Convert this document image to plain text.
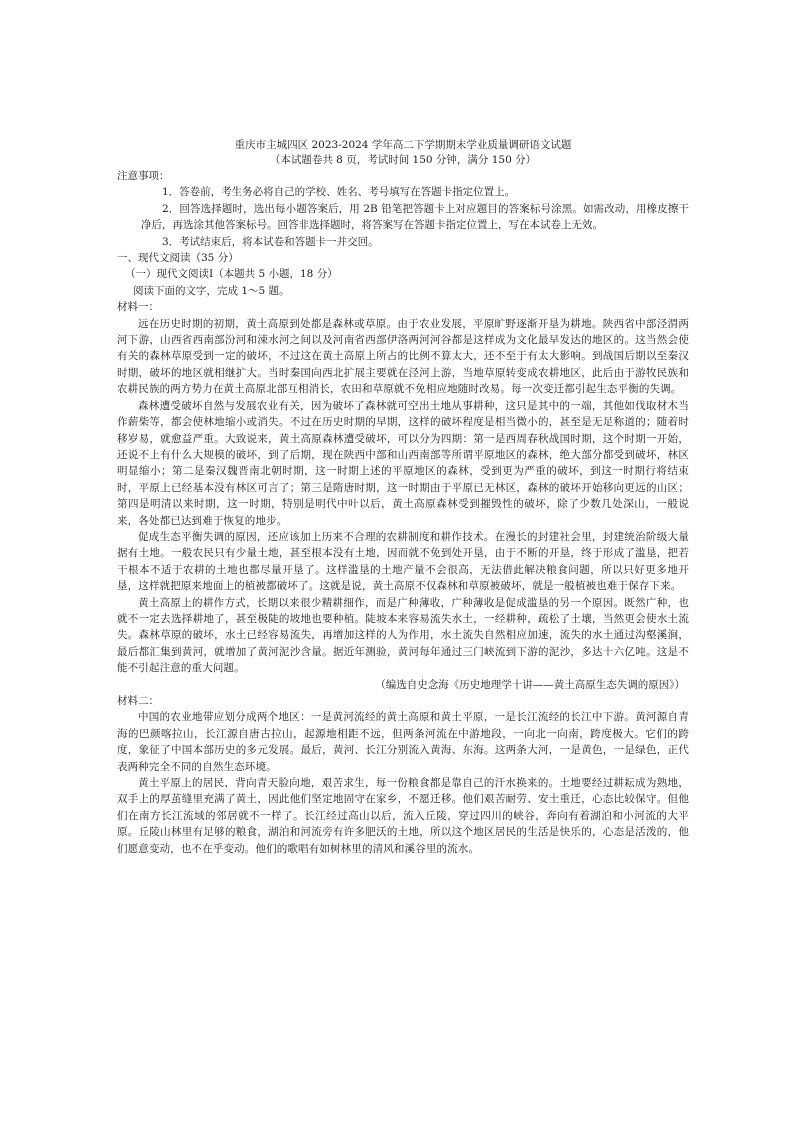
重庆市主城四区 2023-2024 学年高二下学期期末学业质量调研语文试题

（本试题卷共 8 页，考试时间 150 分钟，满分 150 分）

注意事项：

1．答卷前，考生务必将自己的学校、姓名、考号填写在答题卡指定位置上。

2．回答选择题时，选出每小题答案后，用 2B 铅笔把答题卡上对应题目的答案标号涂黑。如需改动，用橡皮擦干净后，再选涂其他答案标号。回答非选择题时，将答案写在答题卡指定位置上，写在本试卷上无效。

3．考试结束后，将本试卷和答题卡一并交回。

一、现代文阅读（35 分）

（一）现代文阅读Ⅰ（本题共 5 小题，18 分）

阅读下面的文字，完成 1～5 题。

材料一：

远在历史时期的初期，黄土高原到处都是森林或草原。由于农业发展，平原旷野逐渐开垦为耕地。陕西省中部泾渭两河下游，山西省西南部汾河和涑水河之间以及河南省西部伊洛两河河谷都是这样成为文化最早发达的地区的。这当然会使有关的森林草原受到一定的破坏，不过这在黄土高原上所占的比例不算太大，还不至于有太大影响。到战国后期以至秦汉时期，破坏的地区就相继扩大。当时秦国向西北扩展主要就在泾河上游，当地草原转变成农耕地区，此后由于游牧民族和农耕民族的两方势力在黄土高原北部互相消长，农田和草原就不免相应地随时改易。每一次变迁都引起生态平衡的失调。

森林遭受破坏自然与发展农业有关，因为破坏了森林就可空出土地从事耕种，这只是其中的一端，其他如伐取材木当作薪柴等，都会使林地缩小或消失。不过在历史时期的早期，这样的破坏程度是相当微小的，甚至是无足称道的；随着时移岁易，就愈益严重。大致说来，黄土高原森林遭受破坏，可以分为四期：第一是西周春秋战国时期，这个时期一开始，还说不上有什么大规模的破坏，到了后期，现在陕西中部和山西南部等所谓平原地区的森林，绝大部分都受到破坏，林区明显缩小；第二是秦汉魏晋南北朝时期，这一时期上述的平原地区的森林，受到更为严重的破坏，到这一时期行将结束时，平原上已经基本没有林区可言了；第三是隋唐时期，这一时期由于平原已无林区，森林的破坏开始移向更远的山区；第四是明清以来时期，这一时期，特别是明代中叶以后，黄土高原森林受到摧毁性的破坏，除了少数几处深山，一般说来，各处都已达到难于恢复的地步。

促成生态平衡失调的原因，还应该加上历来不合理的农耕制度和耕作技术。在漫长的封建社会里，封建统治阶级大量据有土地。一般农民只有少量土地，甚至根本没有土地，因而就不免到处开垦，由于不断的开垦，终于形成了滥垦，把若干根本不适于农耕的土地也都尽量开垦了。这样滥垦的土地产量不会很高，无法借此解决粮食问题，所以只好更多地开垦，这样就把原来地面上的植被都破坏了。这就是说，黄土高原不仅森林和草原被破坏，就是一般植被也难于保存下来。

黄土高原上的耕作方式，长期以来很少精耕细作，而是广种薄收，广种薄收是促成滥垦的另一个原因。既然广种，也就不一定去选择耕地了，甚至极陡的坡地也要种植。陡坡本来容易流失水土，一经耕种，疏松了土壤，当然更会使水土流失。森林草原的破坏，水土已经容易流失，再增加这样的人为作用，水土流失自然相应加速，流失的水土通过沟壑溪涧，最后都汇集到黄河，就增加了黄河泥沙含量。据近年测验，黄河每年通过三门峡流到下游的泥沙，多达十六亿吨。这是不能不引起注意的重大问题。

（编选自史念海《历史地理学十讲——黄土高原生态失调的原因》）

材料二：

中国的农业地带应划分成两个地区：一是黄河流经的黄土高原和黄土平原，一是长江流经的长江中下游。黄河源自青海的巴颜喀拉山，长江源自唐古拉山，起源地相距不远，但两条河流在中游地段，一向北一向南，跨度极大。它们的跨度，象征了中国本部历史的多元发展。最后，黄河、长江分别流入黄海、东海。这两条大河，一是黄色，一是绿色，正代表两种完全不同的自然生态环境。

黄土平原上的居民，背向青天脸向地，艰苦求生，每一份粮食都是靠自己的汗水换来的。土地要经过耕耘成为熟地，双手上的厚茧缝里充满了黄土，因此他们坚定地固守在家乡，不愿迁移。他们艰苦耐劳、安土重迁，心态比较保守。但他们在南方长江流域的邻居就不一样了。长江经过高山以后，流入丘陵，穿过四川的峡谷，奔向有着湖泊和小河流的大平原。丘陵山林里有足够的粮食，湖泊和河流旁有许多肥沃的土地，所以这个地区居民的生活是快乐的，心态是活泼的，他们愿意变动，也不在乎变动。他们的歌唱有如树林里的清风和溪谷里的流水。
